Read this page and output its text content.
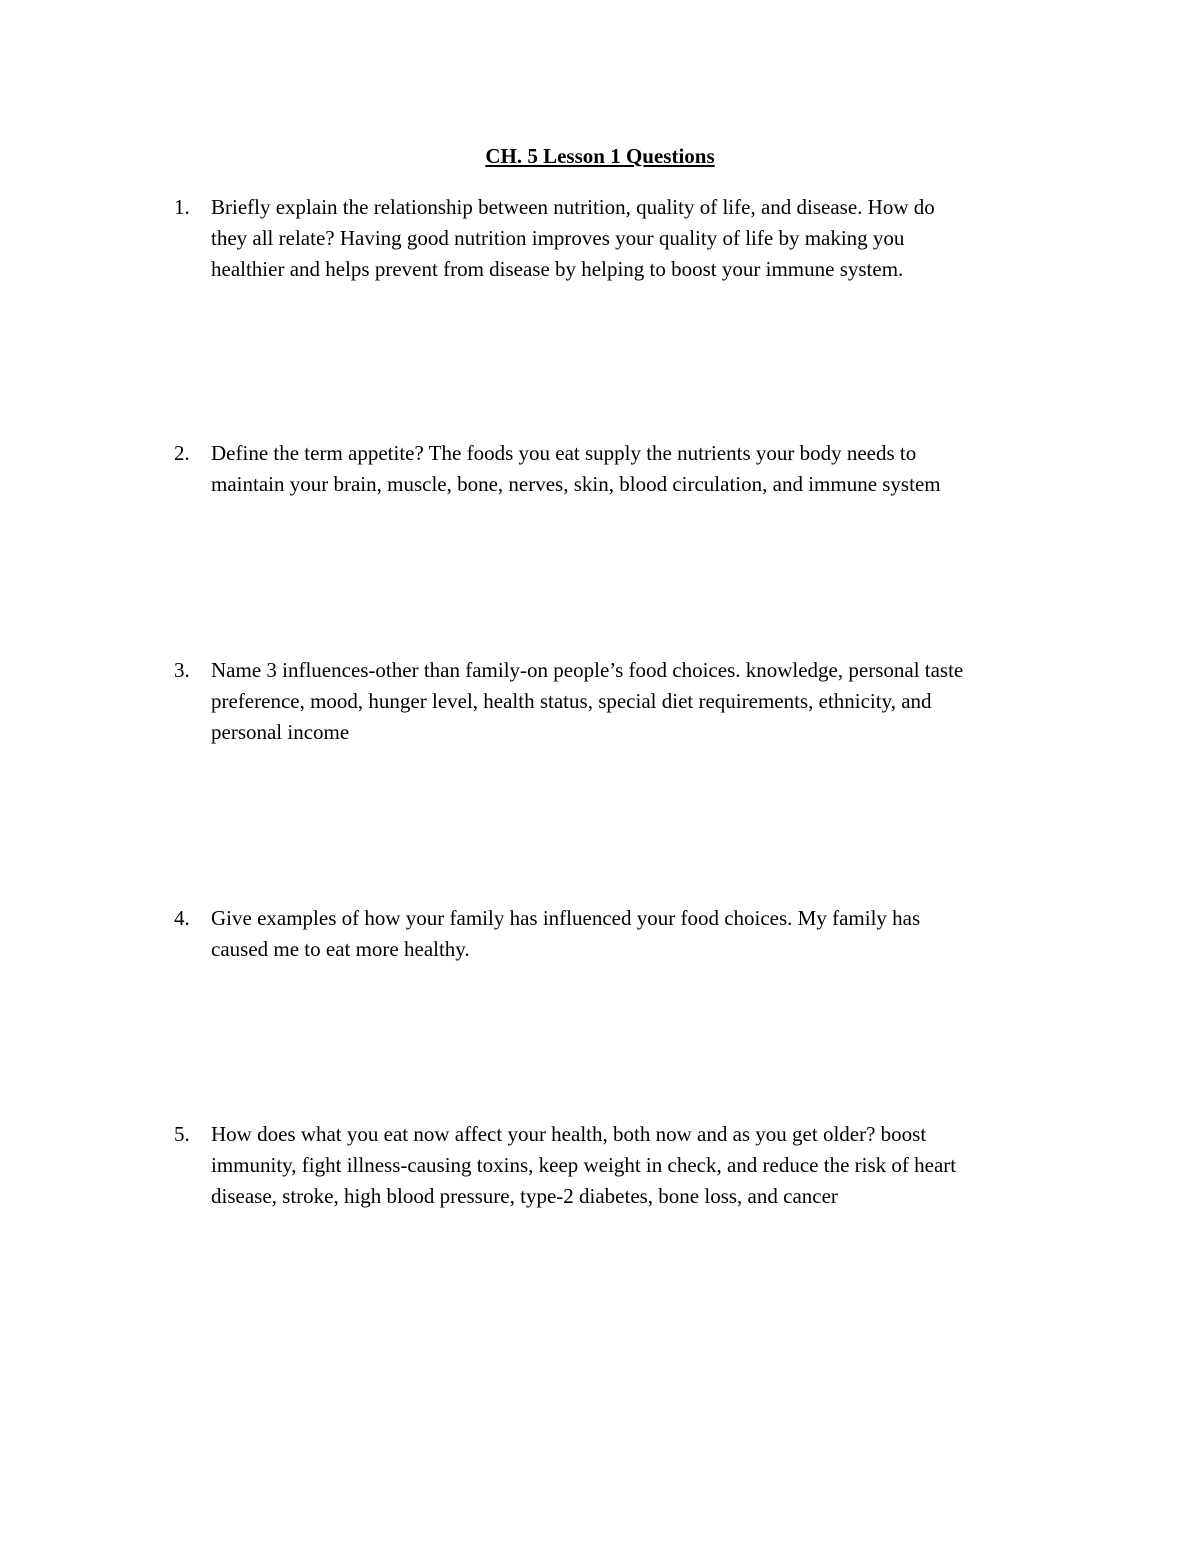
CH. 5 Lesson 1 Questions
1.	Briefly explain the relationship between nutrition, quality of life, and disease. How do
they all relate? Having good nutrition improves your quality of life by making you
healthier and helps prevent from disease by helping to boost your immune system.
2.	Define the term appetite? The foods you eat supply the nutrients your body needs to
maintain your brain, muscle, bone, nerves, skin, blood circulation, and immune system
3.	Name 3 influences-other than family-on people’s food choices. knowledge, personal taste
preference, mood, hunger level, health status, special diet requirements, ethnicity, and
personal income
4.	Give examples of how your family has influenced your food choices. My family has
caused me to eat more healthy.
5.	How does what you eat now affect your health, both now and as you get older? boost
immunity, fight illness-causing toxins, keep weight in check, and reduce the risk of heart
disease, stroke, high blood pressure, type-2 diabetes, bone loss, and cancer
